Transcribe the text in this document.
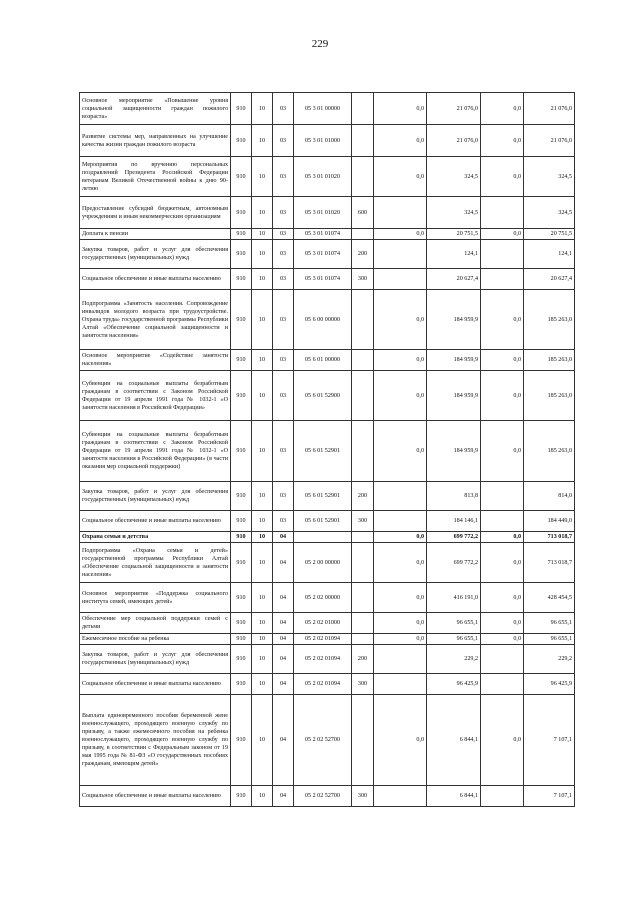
229
Основное мероприятие «Повышение уровня социальной защищенности граждан пожилого возраста»	910	10	03	05 3 01 00000		0,0	21 076,0	0,0	21 076,0
Развитие системы мер, направленных на улучшение качества жизни граждан пожилого возраста	910	10	03	05 3 01 01000		0,0	21 076,0	0,0	21 076,0
Мероприятия по вручению персональных поздравлений Президента Российской Федерации ветеранам Великой Отечественной войны к дню 90-летию	910	10	03	05 3 01 01020		0,0	324,5	0,0	324,5
Предоставление субсидий бюджетным, автономным учреждениям и иным некоммерческим организациям	910	10	03	05 3 01 01020	600		324,5		324,5
Доплата к пенсии	910	10	03	05 3 01 01074		0,0	20 751,5	0,0	20 751,5
Закупка товаров, работ и услуг для обеспечения государственных (муниципальных) нужд	910	10	03	05 3 01 01074	200		124,1		124,1
Социальное обеспечение и иные выплаты населению	910	10	03	05 3 01 01074	300		20 627,4		20 627,4
Подпрограмма «Занятость населения. Сопровождение инвалидов молодого возраста при трудоустройстве. Охрана труда» государственной программы Республики Алтай «Обеспечение социальной защищенности и занятости населения»	910	10	03	05 6 00 00000		0,0	184 959,9	0,0	185 263,0
Основное мероприятие «Содействие занятости населения»	910	10	03	05 6 01 00000		0,0	184 959,9	0,0	185 263,0
Субвенции на социальные выплаты безработным гражданам в соответствии с Законом Российской Федерации от 19 апреля 1991 года № 1032-1 «О занятости населения в Российской Федерации»	910	10	03	05 6 01 52900		0,0	184 959,9	0,0	185 263,0
Субвенции на социальные выплаты безработным гражданам в соответствии с Законом Российской Федерации от 19 апреля 1991 года № 1032-1 «О занятости населения в Российской Федерации» (в части оказания мер социальной поддержки)	910	10	03	05 6 01 52901		0,0	184 959,9	0,0	185 263,0
Закупка товаров, работ и услуг для обеспечения государственных (муниципальных) нужд	910	10	03	05 6 01 52901	200		813,8		814,0
Социальное обеспечение и иные выплаты населению	910	10	03	05 6 01 52901	300		184 146,1		184 449,0
Охрана семьи и детства	910	10	04			0,0	699 772,2	0,0	713 018,7
Подпрограмма «Охрана семьи и детей» государственной программы Республики Алтай «Обеспечение социальной защищенности и занятости населения»	910	10	04	05 2 00 00000		0,0	699 772,2	0,0	713 018,7
Основное мероприятие «Поддержка социального института семей, имеющих детей»	910	10	04	05 2 02 00000		0,0	416 191,0	0,0	428 454,5
Обеспечение мер социальной поддержки семей с детьми	910	10	04	05 2 02 01000		0,0	96 655,1	0,0	96 655,1
Ежемесячное пособие на ребенка	910	10	04	05 2 02 01094		0,0	96 655,1	0,0	96 655,1
Закупка товаров, работ и услуг для обеспечения государственных (муниципальных) нужд	910	10	04	05 2 02 01094	200		229,2		229,2
Социальное обеспечение и иные выплаты населению	910	10	04	05 2 02 01094	300		96 425,9		96 425,9
Выплата единовременного пособия беременной жене военнослужащего, проходящего военную службу по призыву, а также ежемесячного пособия на ребенка военнослужащего, проходящего военную службу по призыву, в соответствии с Федеральным законом от 19 мая 1995 года № 81-ФЗ «О государственных пособиях гражданам, имеющим детей»	910	10	04	05 2 02 52700		0,0	6 844,1	0,0	7 107,1
Социальное обеспечение и иные выплаты населению	910	10	04	05 2 02 52700	300		6 844,1		7 107,1
